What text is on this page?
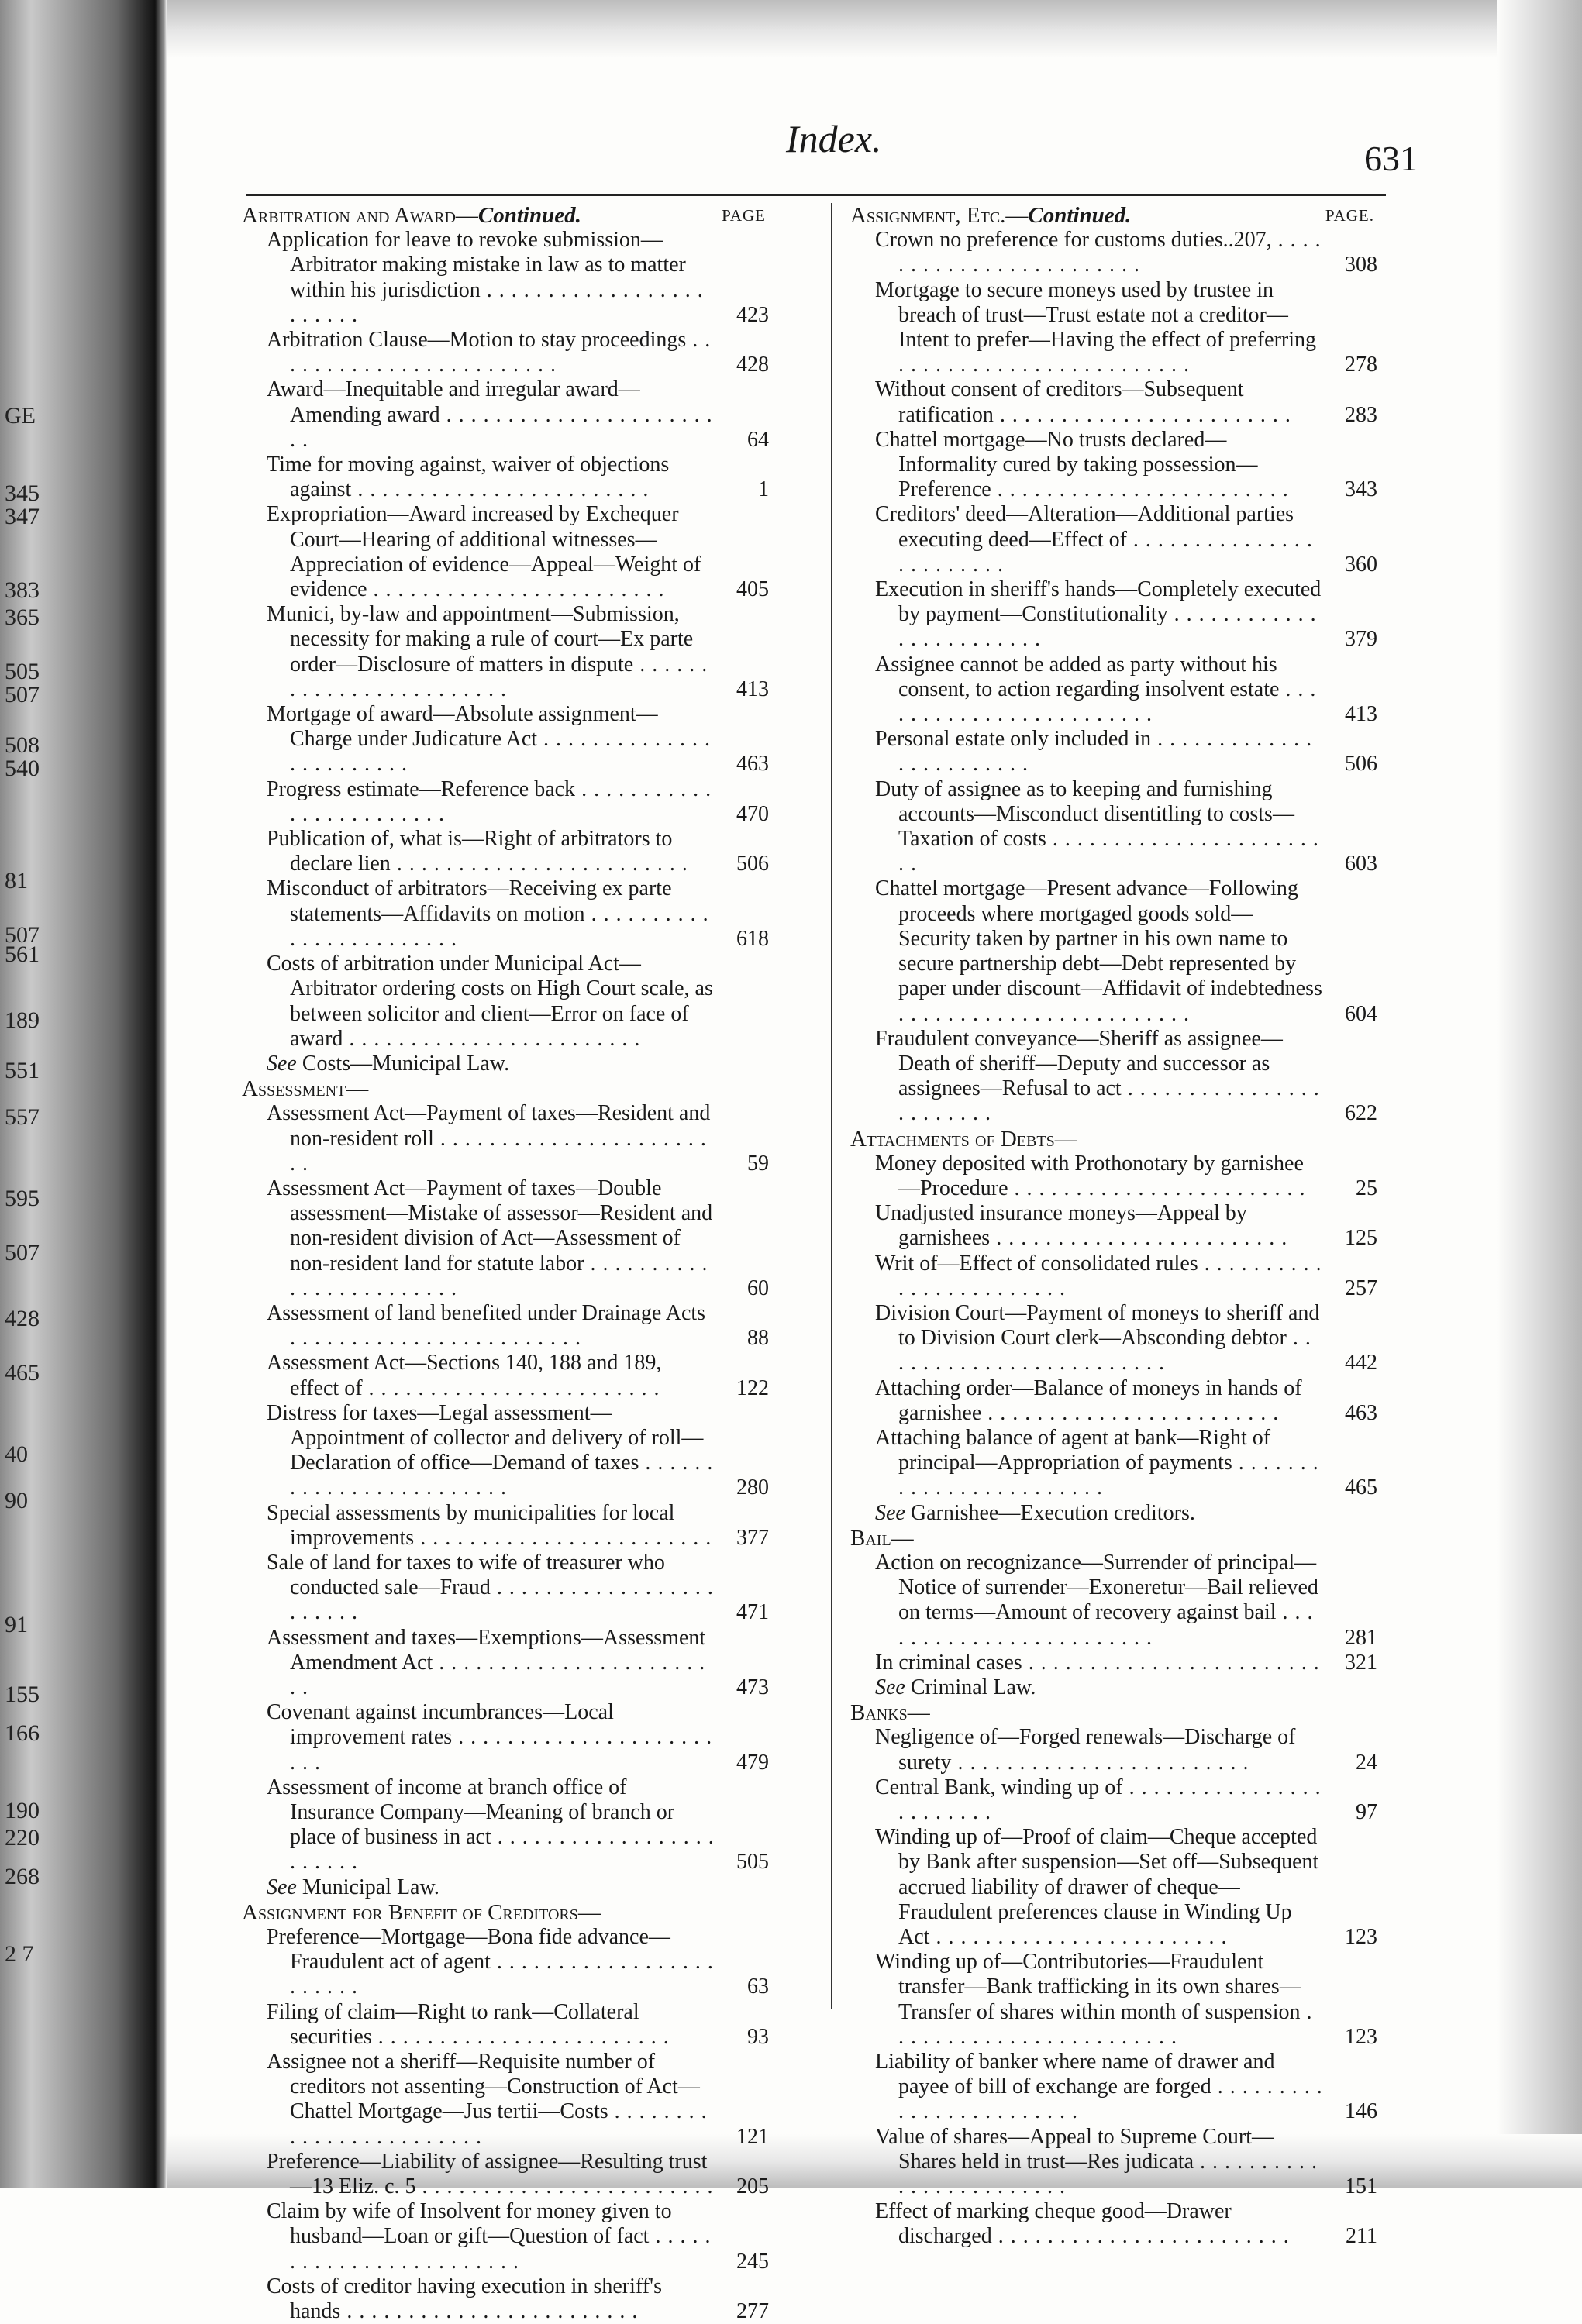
GE
345
347
383
365
505
507
508
540
81
507
561
189
551
557
595
507
428
465
40
90
91
155
166
190
220
268
2 7
Index.	631
Arbitration and Award—Continued.	PAGE
Application for leave to revoke submission—Arbitrator making mistake in law as to matter within his jurisdiction . . .
423
Arbitration Clause—Motion to stay proceedings . . .
428
Award—Inequitable and irregular award—Amending award . . .
64
Time for moving against, waiver of objections against . . .	1
Expropriation—Award increased by Exchequer Court—Hearing of additional witnesses—Appreciation of evidence—Appeal—Weight of evidence . . .	405
Munici, by-law and appointment—Submission, necessity for making a rule of court—Ex parte order—Disclosure of matters in dispute . . .
413
Mortgage of award—Absolute assignment—Charge under Judicature Act . . .
463
Progress estimate—Reference back . . .
470
Publication of, what is—Right of arbitrators to declare lien . . .	506
Misconduct of arbitrators—Receiving ex parte statements—Affidavits on motion . . .
618
Costs of arbitration under Municipal Act—Arbitrator ordering costs on High Court scale, as between solicitor and client—Error on face of award . . .
See Costs—Municipal Law.
Assessment—
Assessment Act—Payment of taxes—Resident and non-resident roll . . .
59
Assessment Act—Payment of taxes—Double assessment—Mistake of assessor—Resident and non-resident division of Act—Assessment of non-resident land for statute labor . . .
60
Assessment of land benefited under Drainage Acts . . .
88
Assessment Act—Sections 140, 188 and 189, effect of . . .	122
Distress for taxes—Legal assessment—Appointment of collector and delivery of roll—Declaration of office—Demand of taxes . . .
280
Special assessments by municipalities for local improvements . . .	377
Sale of land for taxes to wife of treasurer who conducted sale—Fraud . . .
471
Assessment and taxes—Exemptions—Assessment Amendment Act . . .
473
Covenant against incumbrances—Local improvement rates . . .
479
Assessment of income at branch office of Insurance Company—Meaning of branch or place of business in act . . .
505
See Municipal Law.
Assignment for Benefit of Creditors—
Preference—Mortgage—Bona fide advance—Fraudulent act of agent . . .
63
Filing of claim—Right to rank—Collateral securities . . .	93
Assignee not a sheriff—Requisite number of creditors not assenting—Construction of Act—Chattel Mortgage—Jus tertii—Costs . . .
121
Preference—Liability of assignee—Resulting trust—13 Eliz. c. 5 . . .	205
Claim by wife of Insolvent for money given to husband—Loan or gift—Question of fact . . .
245
Costs of creditor having execution in sheriff's hands . . .	277
Assignment, Etc.—Continued.	PAGE.
Crown no preference for customs duties..207, . . .
308
Mortgage to secure moneys used by trustee in breach of trust—Trust estate not a creditor—Intent to prefer—Having the effect of preferring . . .
278
Without consent of creditors—Subsequent ratification . . .	283
Chattel mortgage—No trusts declared—Informality cured by taking possession—Preference . . .	343
Creditors' deed—Alteration—Additional parties executing deed—Effect of . . .
360
Execution in sheriff's hands—Completely executed by payment—Constitutionality . . .
379
Assignee cannot be added as party without his consent, to action regarding insolvent estate . . .
413
Personal estate only included in . . .
506
Duty of assignee as to keeping and furnishing accounts—Misconduct disentitling to costs—Taxation of costs . . .
603
Chattel mortgage—Present advance—Following proceeds where mortgaged goods sold—Security taken by partner in his own name to secure partnership debt—Debt represented by paper under discount—Affidavit of indebtedness . . .
604
Fraudulent conveyance—Sheriff as assignee—Death of sheriff—Deputy and successor as assignees—Refusal to act . . .
622
Attachments of Debts—
Money deposited with Prothonotary by garnishee—Procedure . . .	25
Unadjusted insurance moneys—Appeal by garnishees . . .	125
Writ of—Effect of consolidated rules . . .
257
Division Court—Payment of moneys to sheriff and to Division Court clerk—Absconding debtor . . .
442
Attaching order—Balance of moneys in hands of garnishee . . .	463
Attaching balance of agent at bank—Right of principal—Appropriation of payments . . .
465
See Garnishee—Execution creditors.
Bail—
Action on recognizance—Surrender of principal—Notice of surrender—Exoneretur—Bail relieved on terms—Amount of recovery against bail . . .
281
In criminal cases . . .	321
See Criminal Law.
Banks—
Negligence of—Forged renewals—Discharge of surety . . .	24
Central Bank, winding up of . . .
97
Winding up of—Proof of claim—Cheque accepted by Bank after suspension—Set off—Subsequent accrued liability of drawer of cheque—Fraudulent preferences clause in Winding Up Act . . .	123
Winding up of—Contributories—Fraudulent transfer—Bank trafficking in its own shares—Transfer of shares within month of suspension . . .
123
Liability of banker where name of drawer and payee of bill of exchange are forged . . .
146
Value of shares—Appeal to Supreme Court—Shares held in trust—Res judicata . . .
151
Effect of marking cheque good—Drawer discharged . . .	211
